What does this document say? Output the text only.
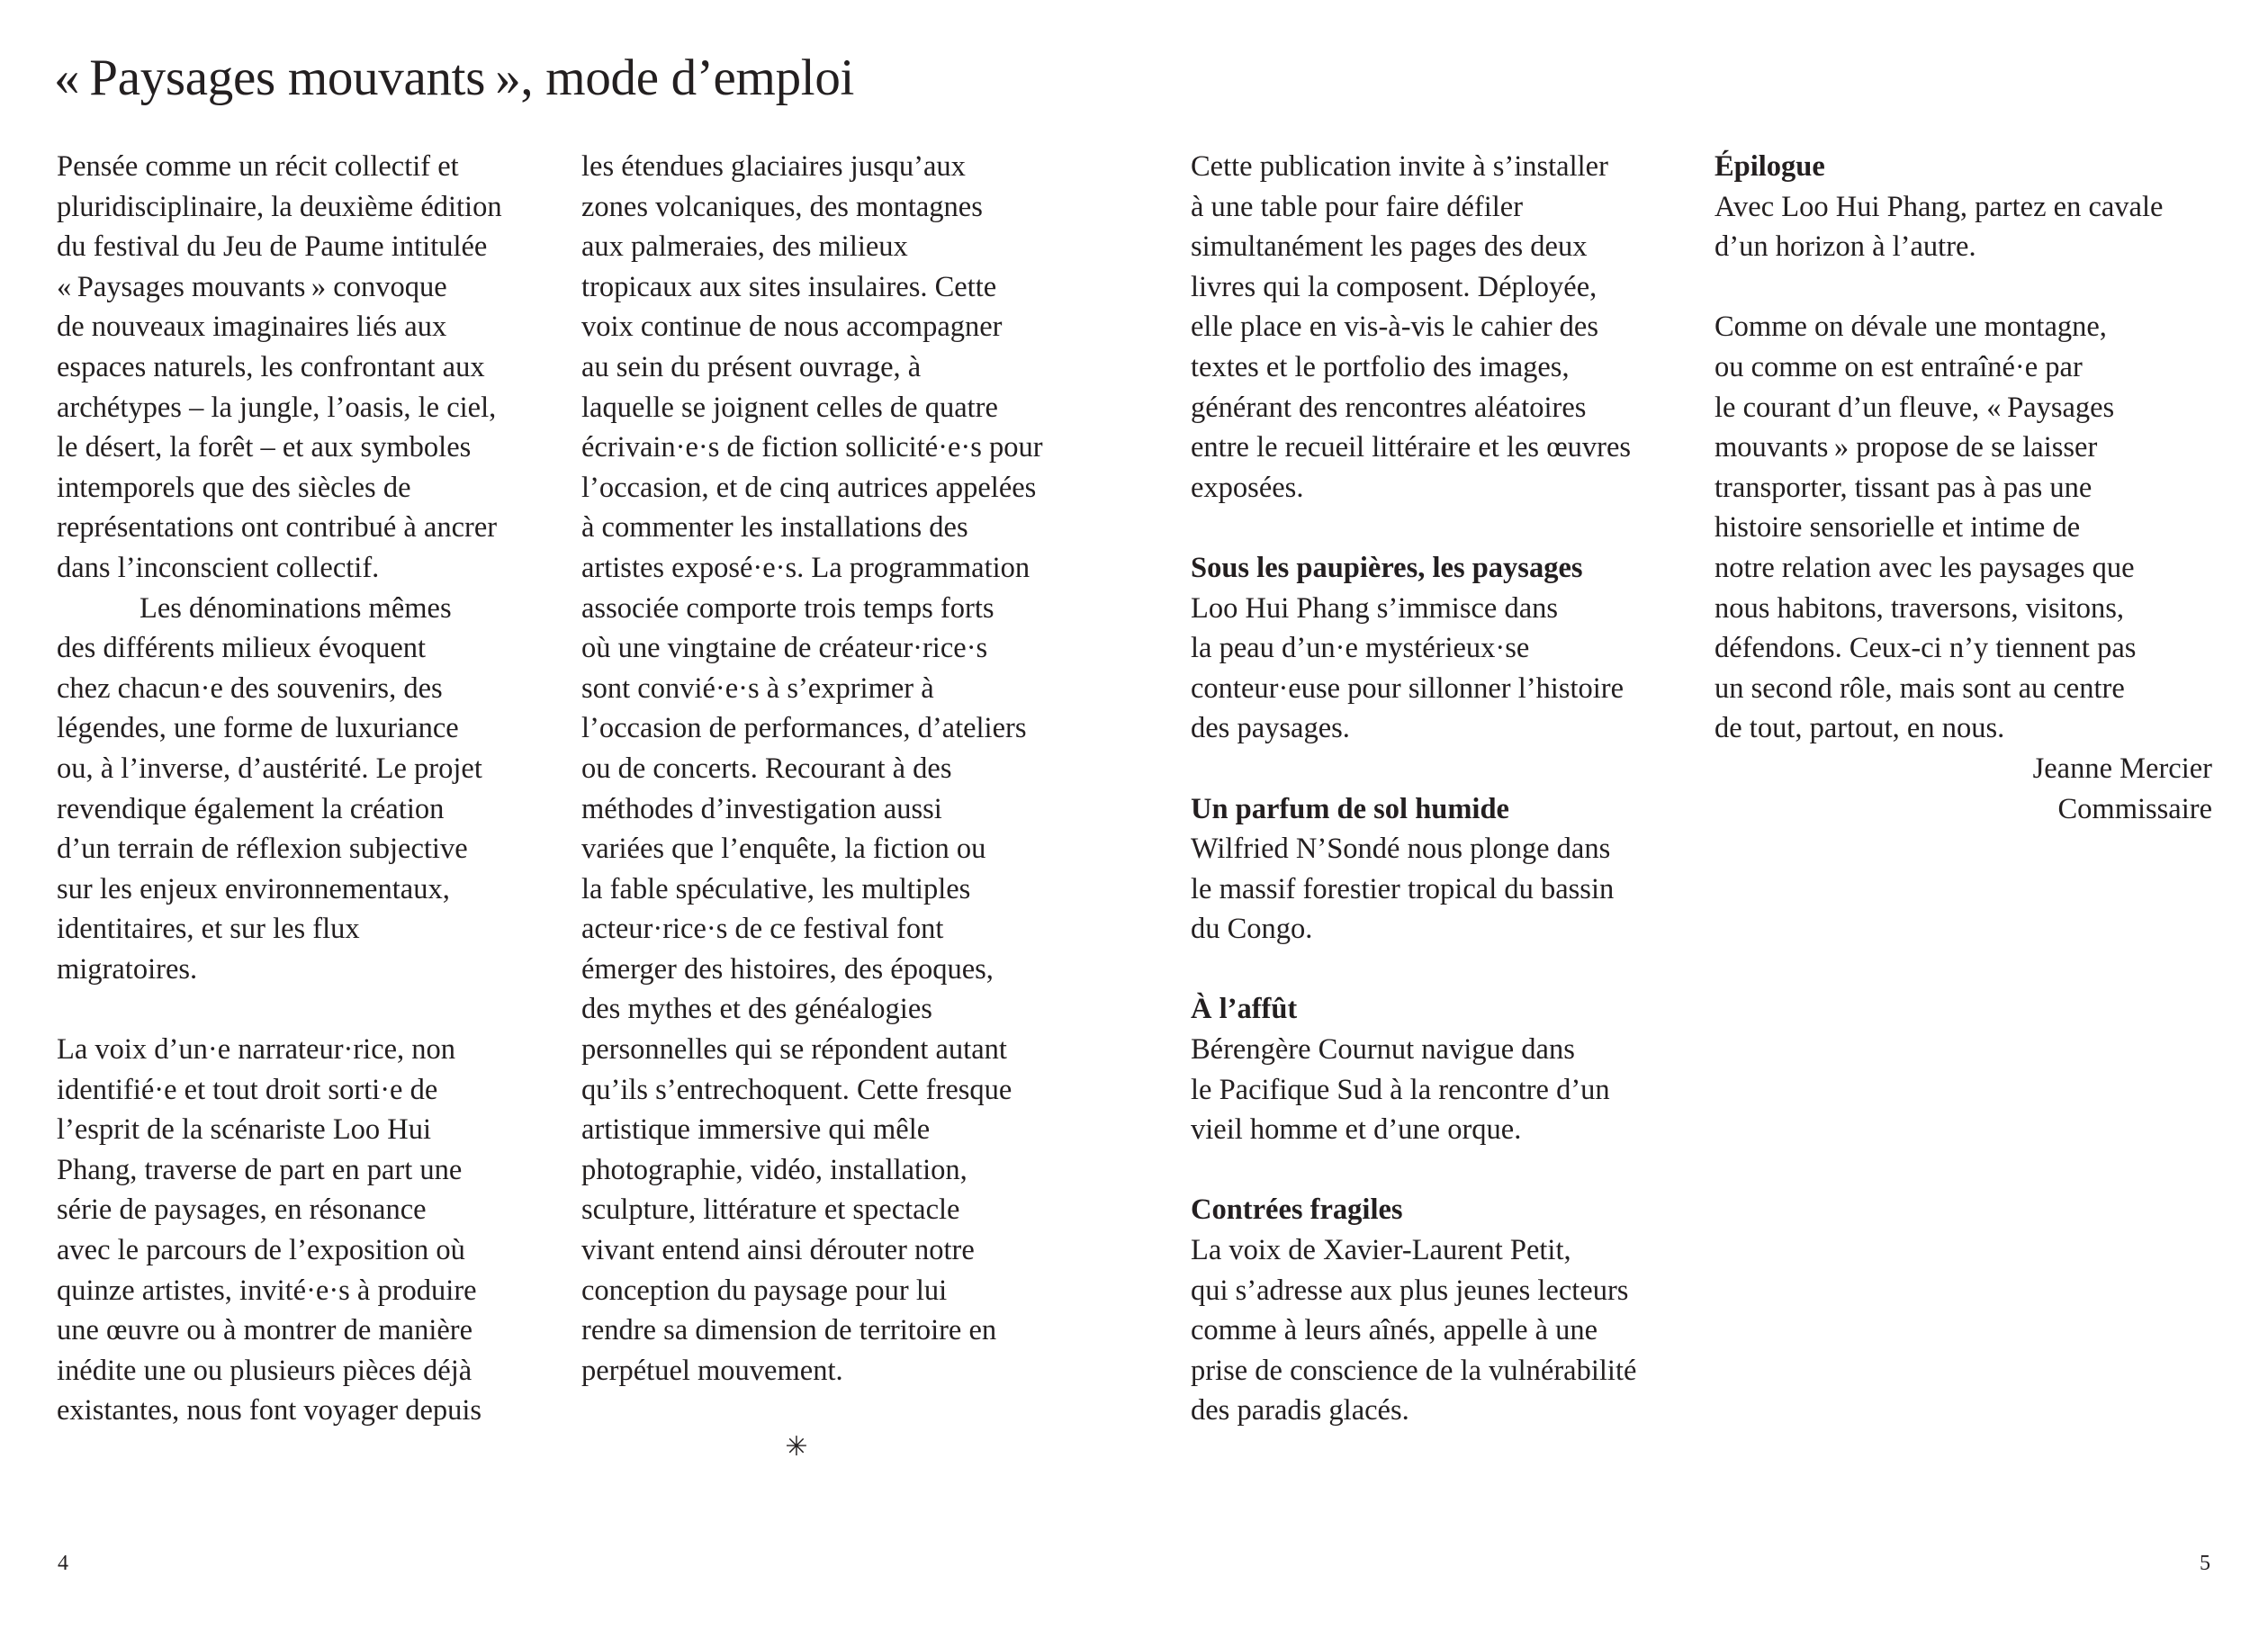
« Paysages mouvants », mode d’emploi
Pensée comme un récit collectif et
pluridisciplinaire, la deuxième édition
du festival du Jeu de Paume intitulée
« Paysages mouvants » convoque
de nouveaux imaginaires liés aux
espaces naturels, les confrontant aux
archétypes – la jungle, l’oasis, le ciel,
le désert, la forêt – et aux symboles
intemporels que des siècles de
représentations ont contribué à ancrer
dans l’inconscient collectif.
Les dénominations mêmes
des différents milieux évoquent
chez chacun·e des souvenirs, des
légendes, une forme de luxuriance
ou, à l’inverse, d’austérité. Le projet
revendique également la création
d’un terrain de réflexion subjective
sur les enjeux environnementaux,
identitaires, et sur les flux
migratoires.
La voix d’un·e narrateur·rice, non
identifié·e et tout droit sorti·e de
l’esprit de la scénariste Loo Hui
Phang, traverse de part en part une
série de paysages, en résonance
avec le parcours de l’exposition où
quinze artistes, invité·e·s à produire
une œuvre ou à montrer de manière
inédite une ou plusieurs pièces déjà
existantes, nous font voyager depuis
les étendues glaciaires jusqu’aux
zones volcaniques, des montagnes
aux palmeraies, des milieux
tropicaux aux sites insulaires. Cette
voix continue de nous accompagner
au sein du présent ouvrage, à
laquelle se joignent celles de quatre
écrivain·e·s de fiction sollicité·e·s pour
l’occasion, et de cinq autrices appelées
à commenter les installations des
artistes exposé·e·s. La programmation
associée comporte trois temps forts
où une vingtaine de créateur·rice·s
sont convié·e·s à s’exprimer à
l’occasion de performances, d’ateliers
ou de concerts. Recourant à des
méthodes d’investigation aussi
variées que l’enquête, la fiction ou
la fable spéculative, les multiples
acteur·rice·s de ce festival font
émerger des histoires, des époques,
des mythes et des généalogies
personnelles qui se répondent autant
qu’ils s’entrechoquent. Cette fresque
artistique immersive qui mêle
photographie, vidéo, installation,
sculpture, littérature et spectacle
vivant entend ainsi dérouter notre
conception du paysage pour lui
rendre sa dimension de territoire en
perpétuel mouvement.
Cette publication invite à s’installer
à une table pour faire défiler
simultanément les pages des deux
livres qui la composent. Déployée,
elle place en vis-à-vis le cahier des
textes et le portfolio des images,
générant des rencontres aléatoires
entre le recueil littéraire et les œuvres
exposées.
Sous les paupières, les paysages
Loo Hui Phang s’immisce dans
la peau d’un·e mystérieux·se
conteur·euse pour sillonner l’histoire
des paysages.
Un parfum de sol humide
Wilfried N’Sondé nous plonge dans
le massif forestier tropical du bassin
du Congo.
À l’affût
Bérengère Cournut navigue dans
le Pacifique Sud à la rencontre d’un
vieil homme et d’une orque.
Contrées fragiles
La voix de Xavier-Laurent Petit,
qui s’adresse aux plus jeunes lecteurs
comme à leurs aînés, appelle à une
prise de conscience de la vulnérabilité
des paradis glacés.
Épilogue
Avec Loo Hui Phang, partez en cavale
d’un horizon à l’autre.
Comme on dévale une montagne,
ou comme on est entraîné·e par
le courant d’un fleuve, « Paysages
mouvants » propose de se laisser
transporter, tissant pas à pas une
histoire sensorielle et intime de
notre relation avec les paysages que
nous habitons, traversons, visitons,
défendons. Ceux-ci n’y tiennent pas
un second rôle, mais sont au centre
de tout, partout, en nous.
Jeanne Mercier
Commissaire
✳
4	5
